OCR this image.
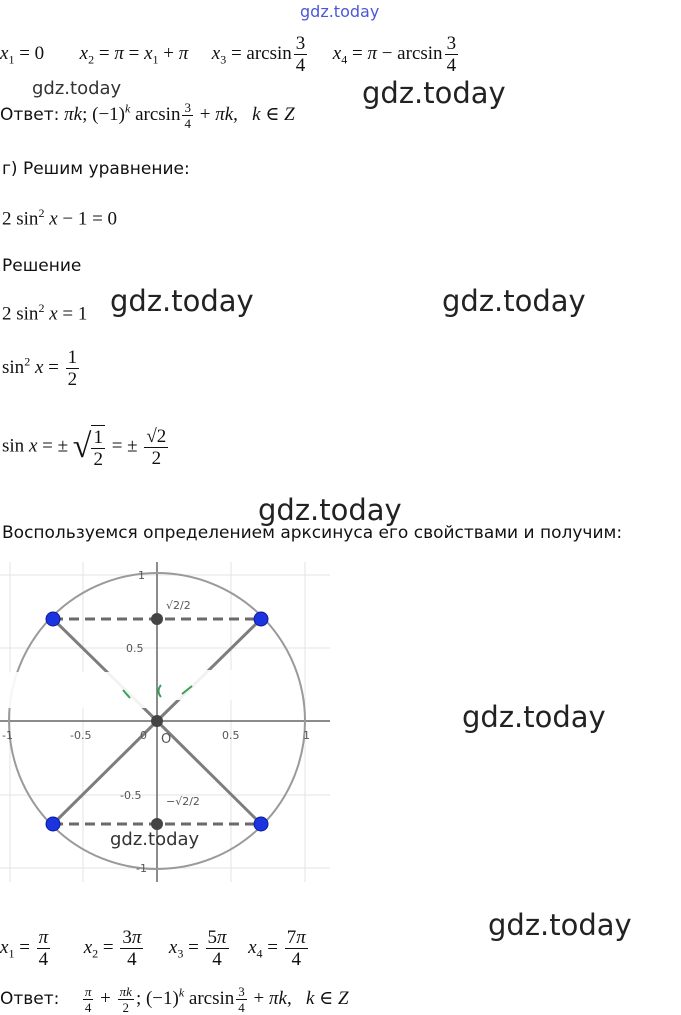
gdz.today
gdz.today	gdz.today
gdz.today	gdz.today
gdz.today
gdz.today
gdz.today
$x_1 = 0$  $x_2 = \pi = x_1 + \pi$ $x_3 = \arcsin \frac{3}{4} x_4 = \pi - \arcsin \frac{3}{4}$
Ответ: πk; $(-1)^k$ $\arcsin \frac{3}{4} + \pi k$,   k ∈ Z
г) Решим уравнение:
2 $\sin^2 x - 1 = 0$
Решение
2 $\sin^2 x = 1$
$\sin^2 x = \frac{1}{2}$
sin x = ± √ $\frac{1}{2}$ = ± $\frac{√2}{2}$
Воспользуемся определением арксинуса его свойствами и получим:
-1	-0.5	0	0.5	1
1
0.5
-0.5
-1
O
√2/2
−√2/2
gdz.today
$x_1 = \frac{\pi}{4} x_2 = \frac{3\pi}{4} x_3 = \frac{5\pi}{4} x_4 = \frac{7\pi}{4}$
Ответ: $\frac{\pi}{4} + \frac{\pi k}{2}$ ; $(-1)^k$ $\arcsin \frac{3}{4} + \pi k$,   k ∈ Z
